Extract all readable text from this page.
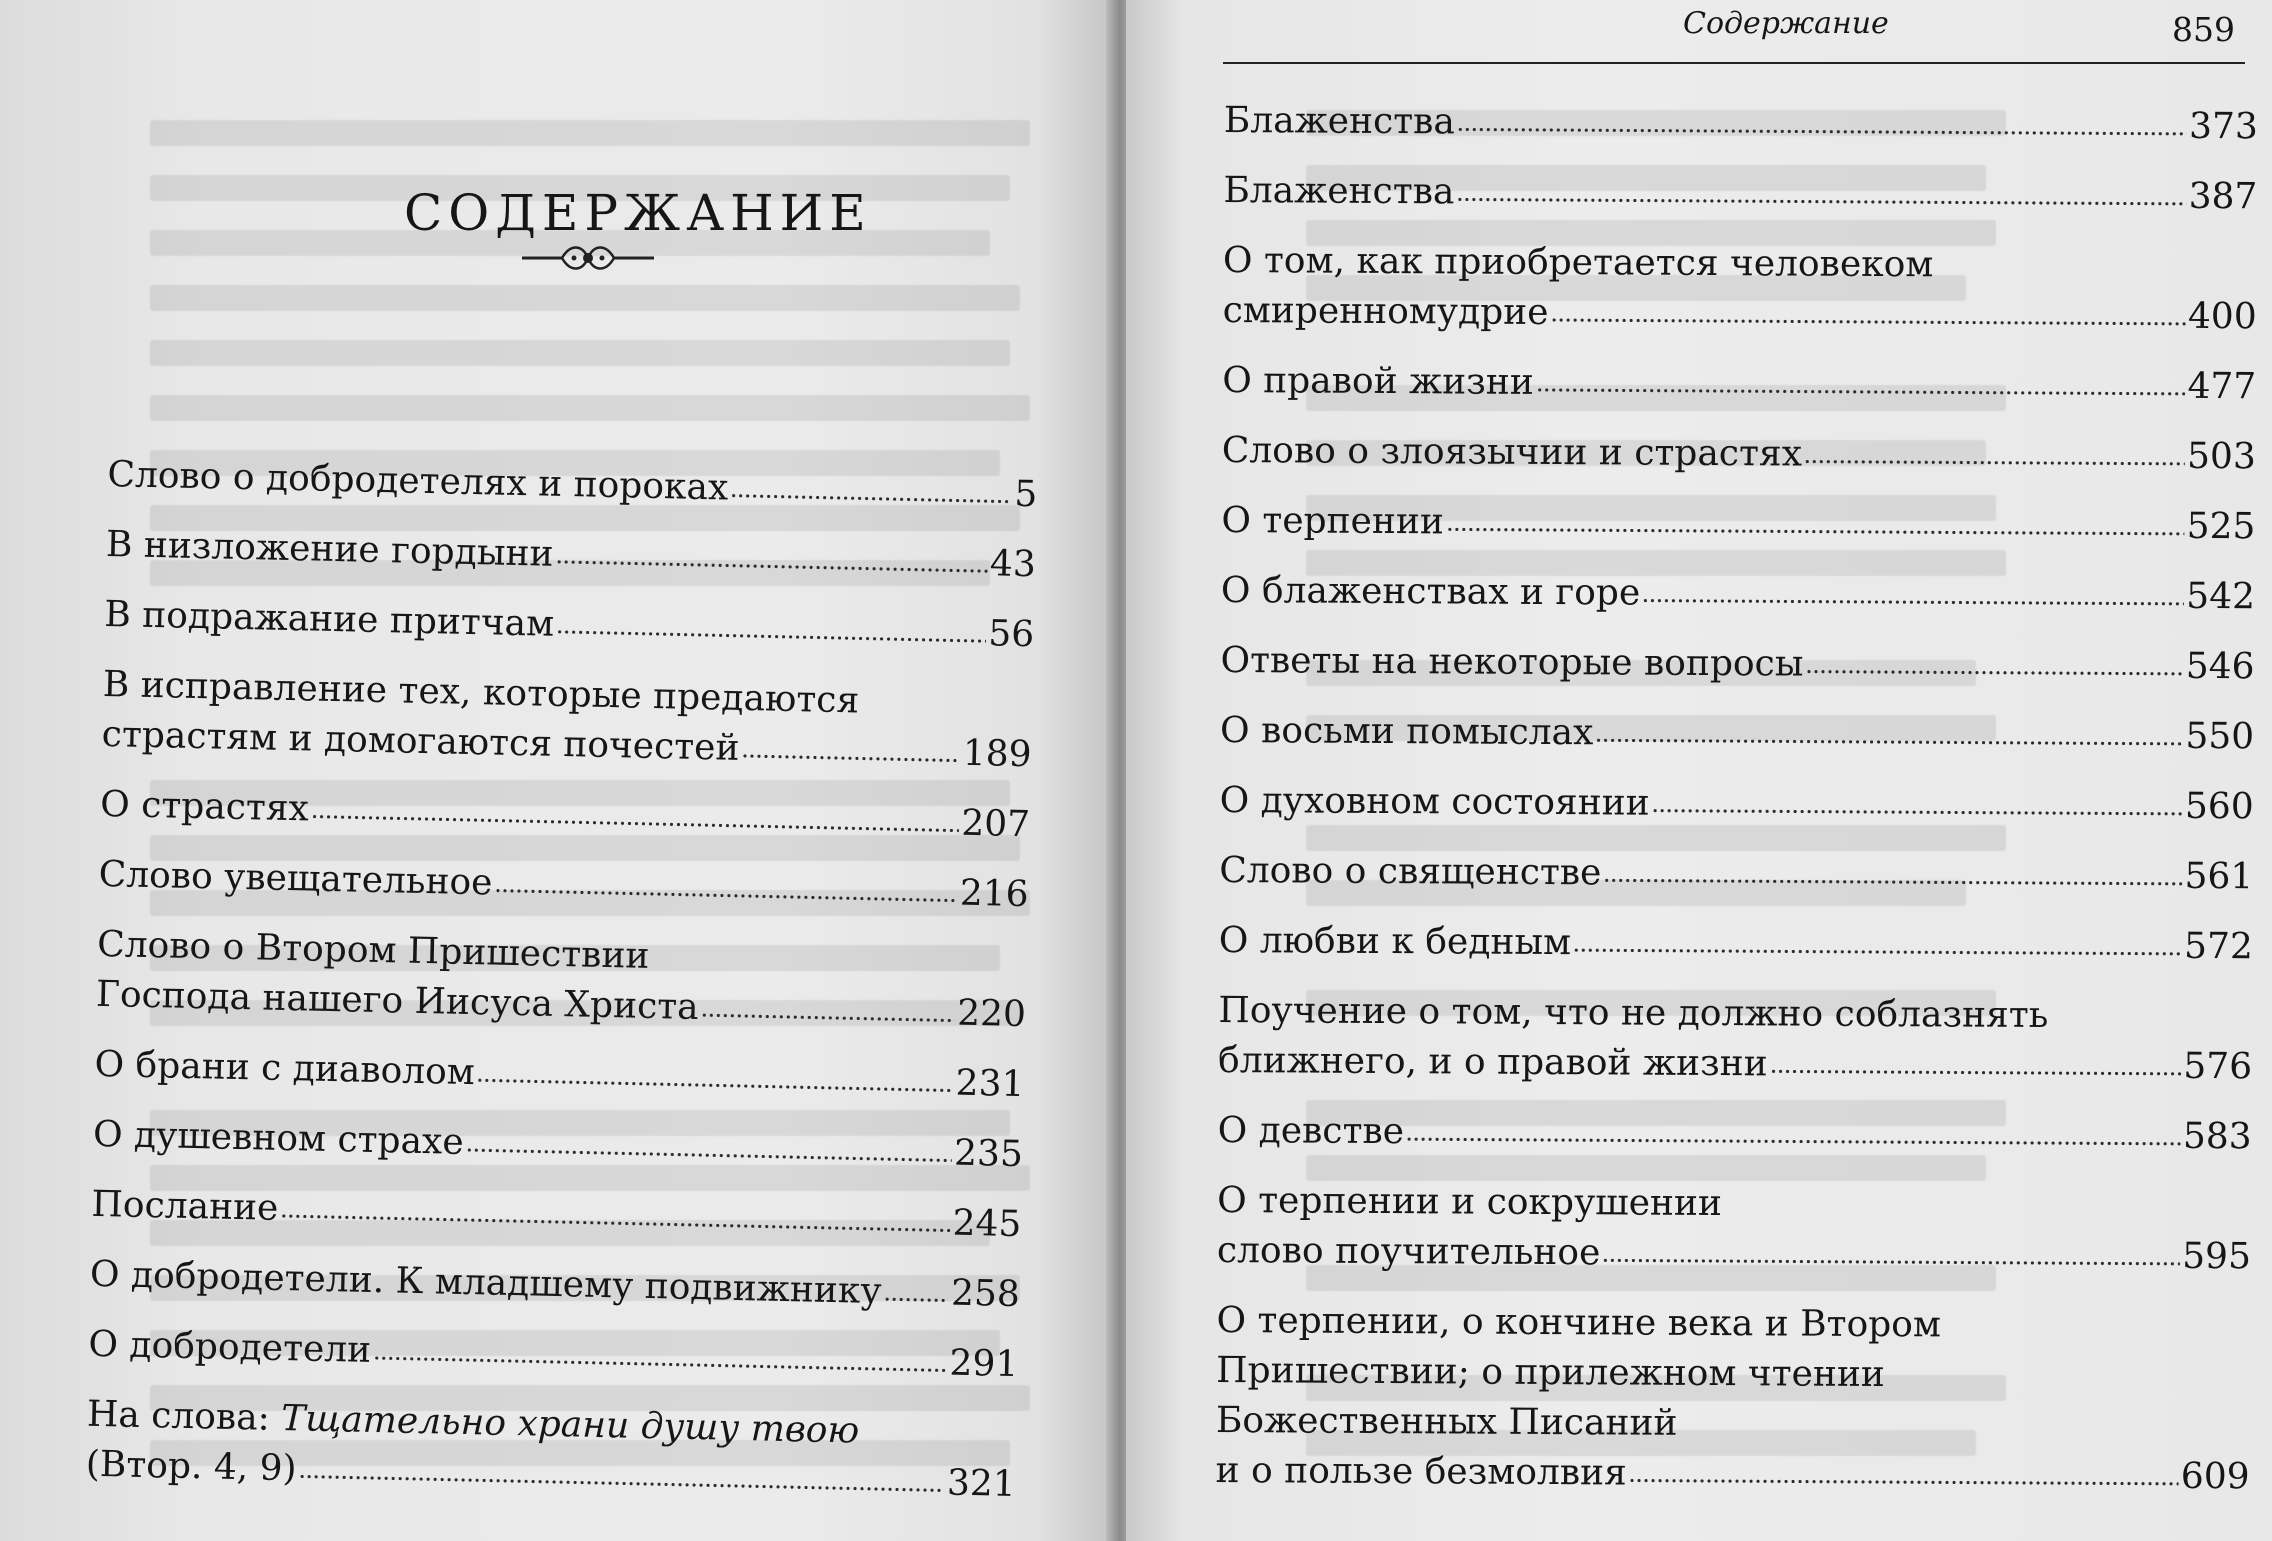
СОДЕРЖАНИЕ
Слово о добродетелях и пороках	5
В низложение гордыни	43
В подражание притчам	56
В исправление тех, которые предаются
страстям и домогаются почестей	189
О страстях	207
Слово увещательное	216
Слово о Втором Пришествии
Господа нашего Иисуса Христа	220
О брани с диаволом	231
О душевном страхе	235
Послание	245
О добродетели. К младшему подвижнику 258
О добродетели	291
На слова: Тщательно храни душу твою
(Втор. 4, 9)	321
Содержание	859
Блаженства	373
Блаженства	387
О том, как приобретается человеком
смиренномудрие	400
О правой жизни	477
Слово о злоязычии и страстях	503
О терпении	525
О блаженствах и горе	542
Ответы на некоторые вопросы	546
О восьми помыслах	550
О духовном состоянии	560
Слово о священстве	561
О любви к бедным	572
Поучение о том, что не должно соблазнять
ближнего, и о правой жизни	576
О девстве	583
О терпении и сокрушении
слово поучительное	595
О терпении, о кончине века и Втором
Пришествии; о прилежном чтении
Божественных Писаний
и о пользе безмолвия	609
